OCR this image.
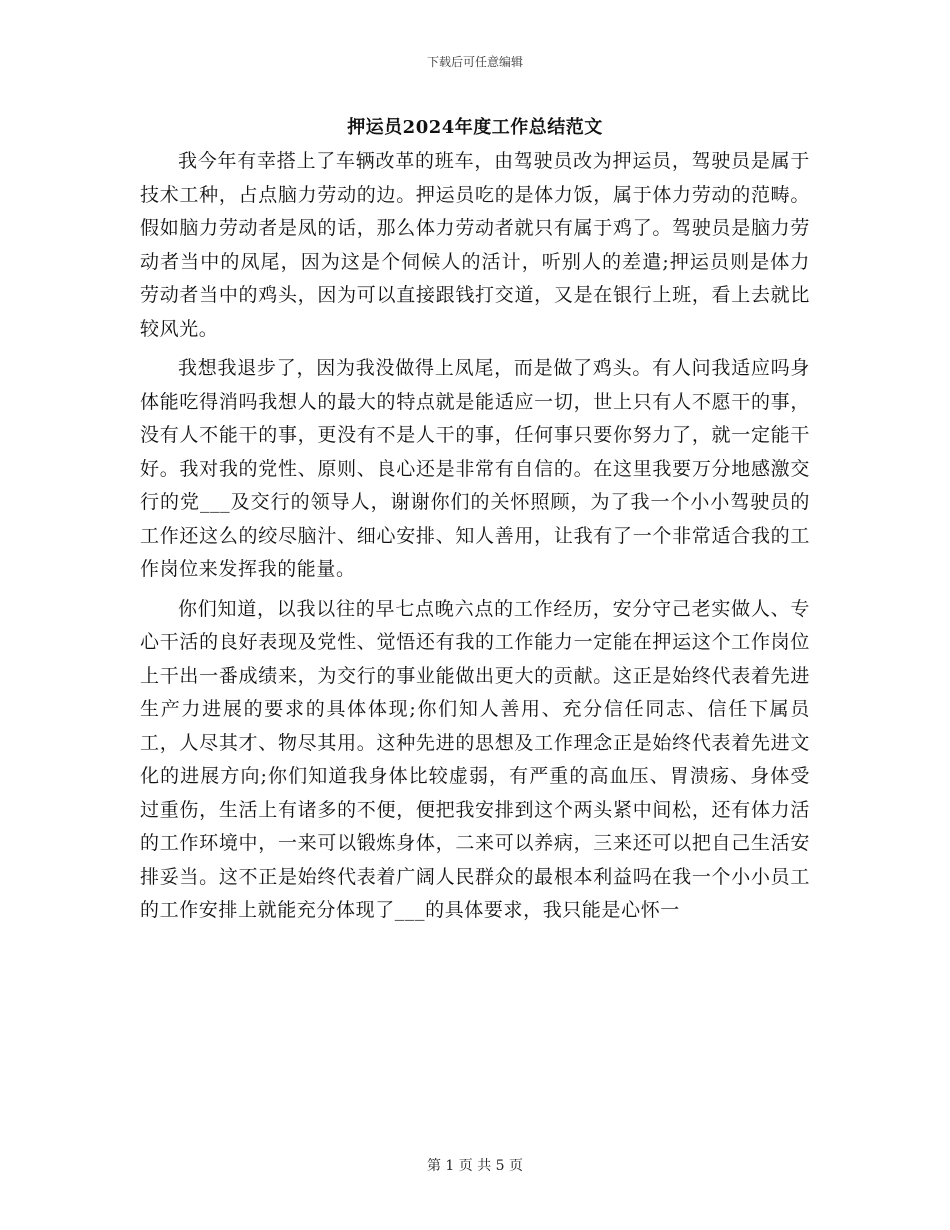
下载后可任意编辑
押运员2024年度工作总结范文

我今年有幸搭上了车辆改革的班车，由驾驶员改为押运员，驾驶员是属于技术工种，占点脑力劳动的边。押运员吃的是体力饭，属于体力劳动的范畴。假如脑力劳动者是凤的话，那么体力劳动者就只有属于鸡了。驾驶员是脑力劳动者当中的凤尾，因为这是个伺候人的活计，听别人的差遣;押运员则是体力劳动者当中的鸡头，因为可以直接跟钱打交道，又是在银行上班，看上去就比较风光。

我想我退步了，因为我没做得上凤尾，而是做了鸡头。有人问我适应吗身体能吃得消吗我想人的最大的特点就是能适应一切，世上只有人不愿干的事，没有人不能干的事，更没有不是人干的事，任何事只要你努力了，就一定能干好。我对我的党性、原则、良心还是非常有自信的。在这里我要万分地感激交行的党___及交行的领导人，谢谢你们的关怀照顾，为了我一个小小驾驶员的工作还这么的绞尽脑汁、细心安排、知人善用，让我有了一个非常适合我的工作岗位来发挥我的能量。

你们知道，以我以往的早七点晚六点的工作经历，安分守己老实做人、专心干活的良好表现及党性、觉悟还有我的工作能力一定能在押运这个工作岗位上干出一番成绩来，为交行的事业能做出更大的贡献。这正是始终代表着先进生产力进展的要求的具体体现;你们知人善用、充分信任同志、信任下属员工，人尽其才、物尽其用。这种先进的思想及工作理念正是始终代表着先进文化的进展方向;你们知道我身体比较虚弱，有严重的高血压、胃溃疡、身体受过重伤，生活上有诸多的不便，便把我安排到这个两头紧中间松，还有体力活的工作环境中，一来可以锻炼身体，二来可以养病，三来还可以把自己生活安排妥当。这不正是始终代表着广阔人民群众的最根本利益吗在我一个小小员工的工作安排上就能充分体现了___的具体要求，我只能是心怀一

第 1 页 共 5 页
